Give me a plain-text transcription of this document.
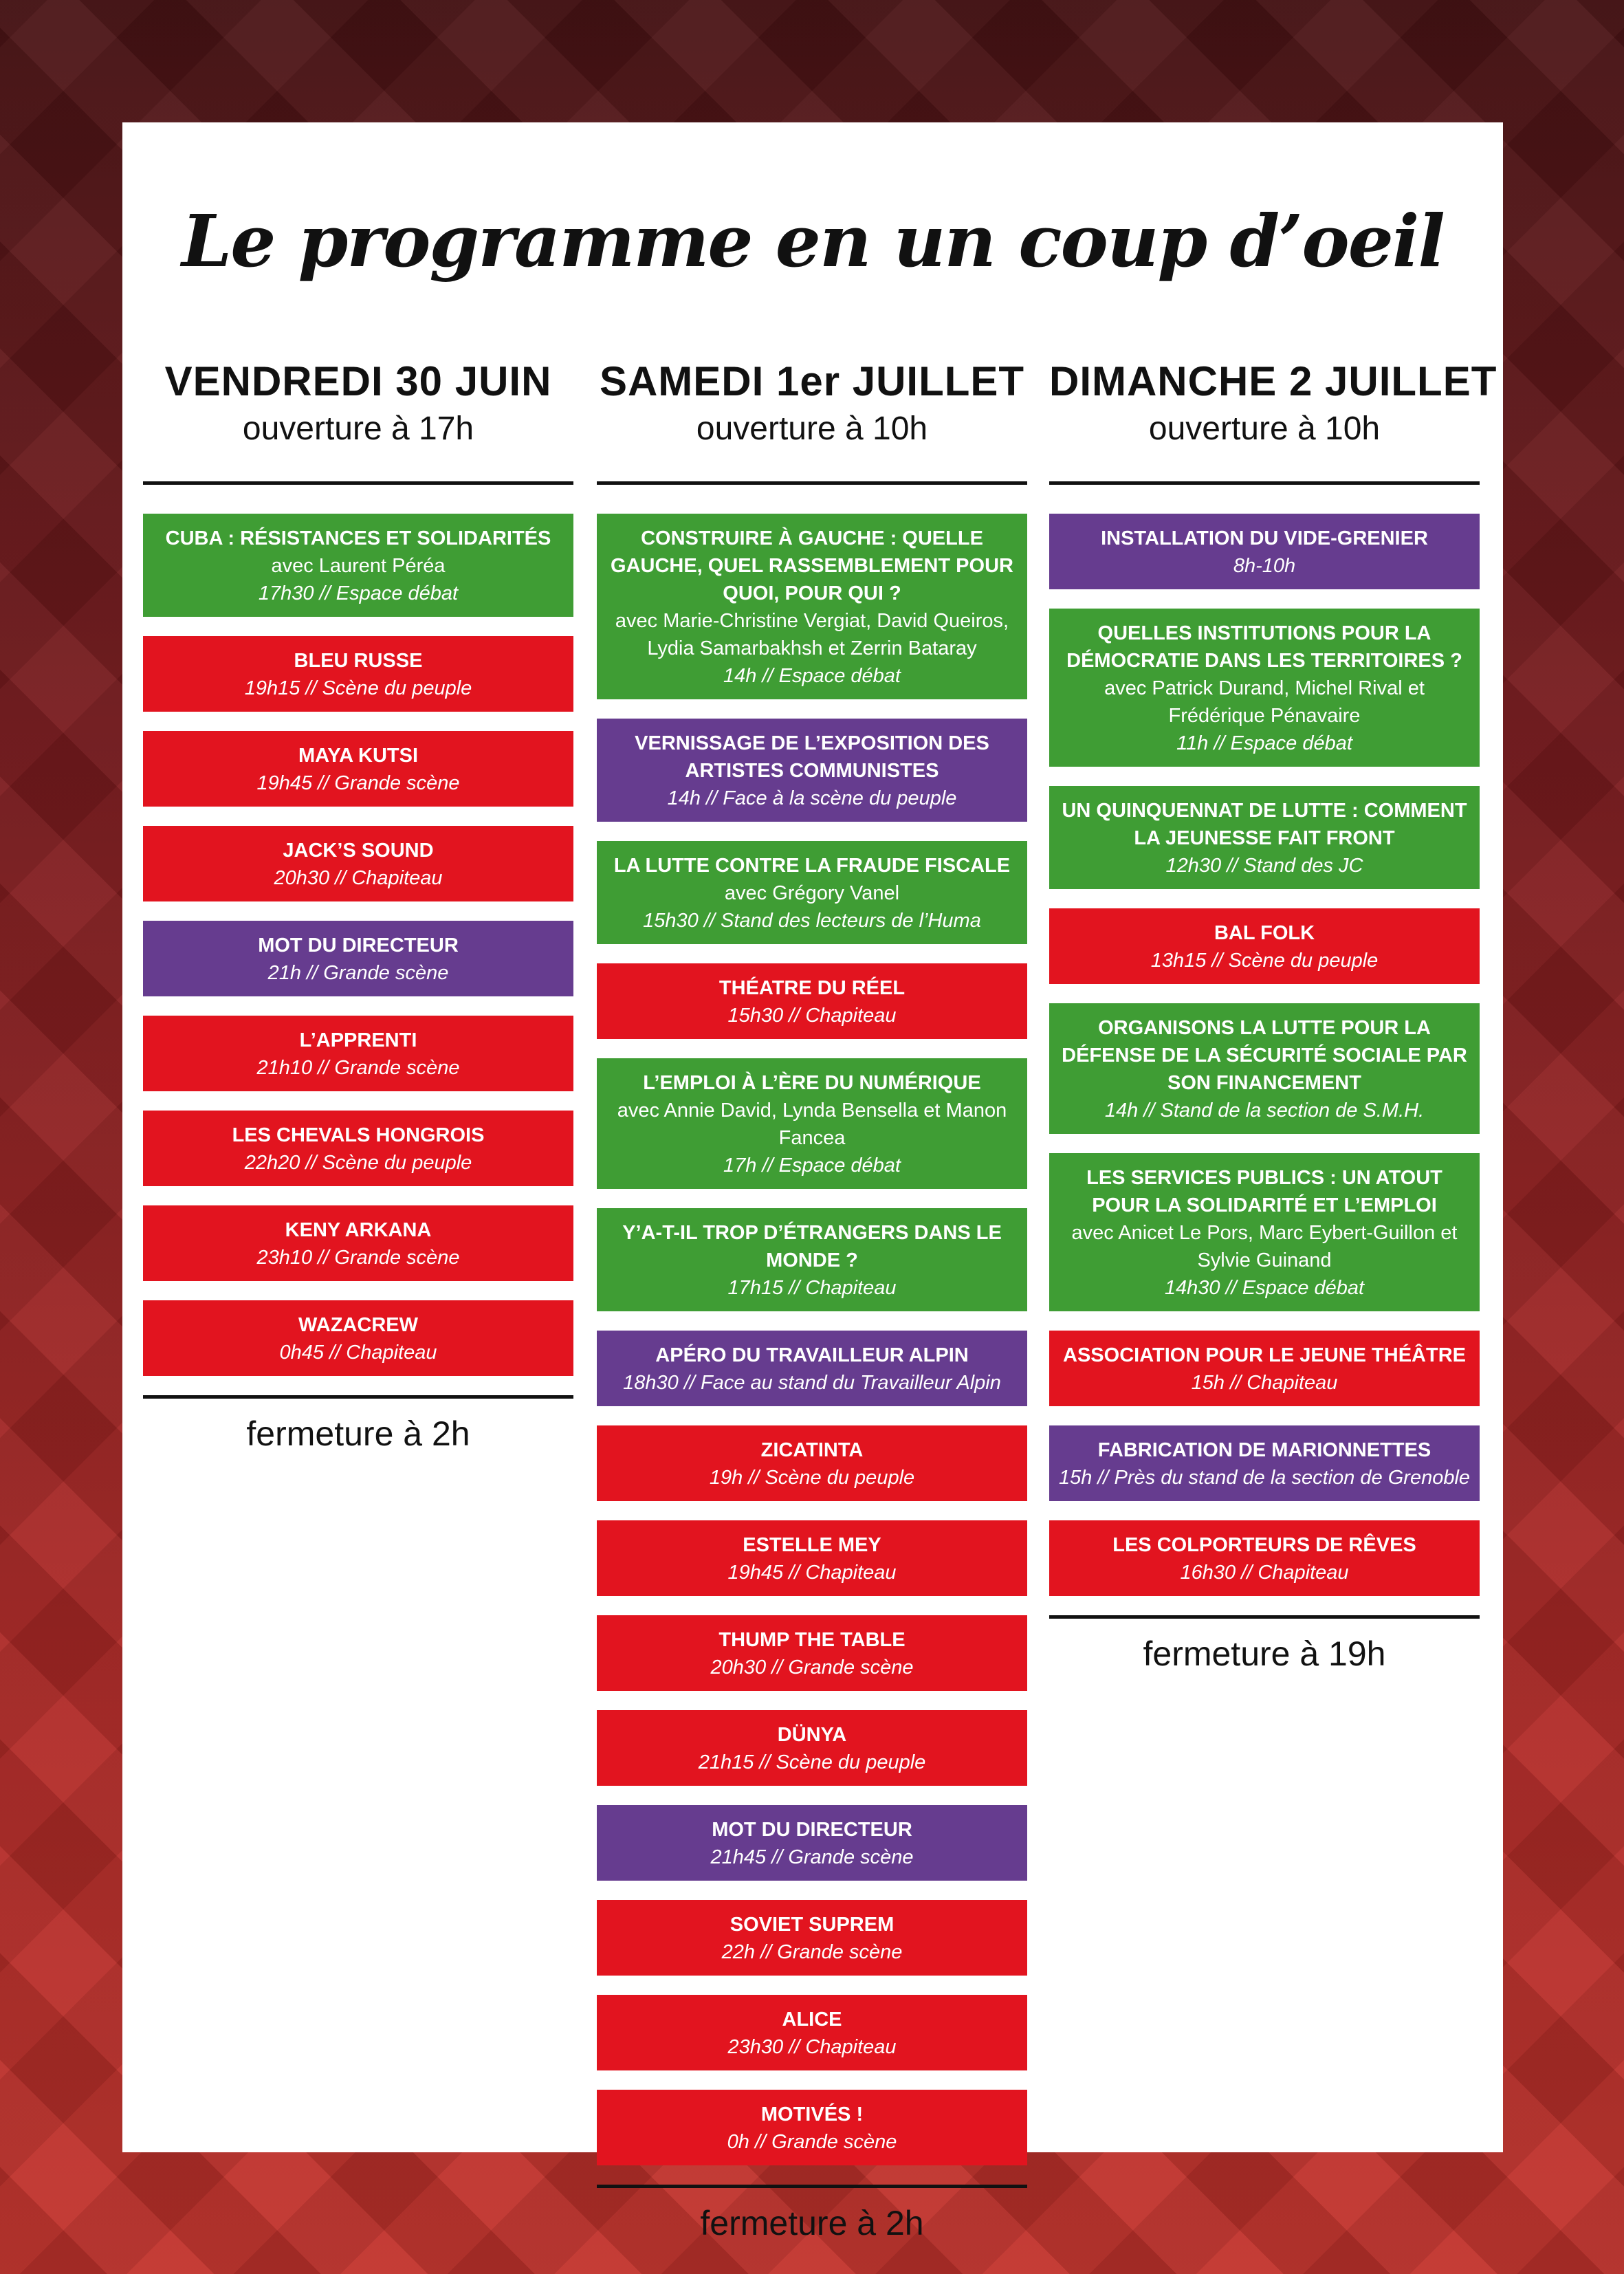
Le programme en un coup d’oeil
VENDREDI 30 JUIN
ouverture à 17h
CUBA : RÉSISTANCES ET SOLIDARITÉS
avec Laurent Péréa
17h30 // Espace débat
BLEU RUSSE
19h15 // Scène du peuple
MAYA KUTSI
19h45 // Grande scène
JACK’S SOUND
20h30 // Chapiteau
MOT DU DIRECTEUR
21h // Grande scène
L’APPRENTI
21h10 // Grande scène
LES CHEVALS HONGROIS
22h20 // Scène du peuple
KENY ARKANA
23h10 // Grande scène
WAZACREW
0h45 // Chapiteau
fermeture à 2h
SAMEDI 1er JUILLET
ouverture à 10h
CONSTRUIRE À GAUCHE : QUELLE GAUCHE, QUEL RASSEMBLEMENT POUR QUOI, POUR QUI ?
avec Marie-Christine Vergiat, David Queiros, Lydia Samarbakhsh et Zerrin Bataray
14h // Espace débat
VERNISSAGE DE L’EXPOSITION DES ARTISTES COMMUNISTES
14h // Face à la scène du peuple
LA LUTTE CONTRE LA FRAUDE FISCALE
avec Grégory Vanel
15h30 // Stand des lecteurs de l’Huma
THÉATRE DU RÉEL
15h30 // Chapiteau
L’EMPLOI À L’ÈRE DU NUMÉRIQUE
avec Annie David, Lynda Bensella et Manon Fancea
17h // Espace débat
Y’A-T-IL TROP D’ÉTRANGERS DANS LE MONDE ?
17h15 // Chapiteau
APÉRO DU TRAVAILLEUR ALPIN
18h30 // Face au stand du Travailleur Alpin
ZICATINTA
19h // Scène du peuple
ESTELLE MEY
19h45 // Chapiteau
THUMP THE TABLE
20h30 // Grande scène
DÜNYA
21h15 // Scène du peuple
MOT DU DIRECTEUR
21h45 // Grande scène
SOVIET SUPREM
22h // Grande scène
ALICE
23h30 // Chapiteau
MOTIVÉS !
0h // Grande scène
fermeture à 2h
DIMANCHE 2 JUILLET
ouverture à 10h
INSTALLATION DU VIDE-GRENIER
8h-10h
QUELLES INSTITUTIONS POUR LA DÉMOCRATIE DANS LES TERRITOIRES ?
avec Patrick Durand, Michel Rival et Frédérique Pénavaire
11h // Espace débat
UN QUINQUENNAT DE LUTTE : COMMENT LA JEUNESSE FAIT FRONT
12h30 // Stand des JC
BAL FOLK
13h15 // Scène du peuple
ORGANISONS LA LUTTE POUR LA DÉFENSE DE LA SÉCURITÉ SOCIALE PAR SON FINANCEMENT
14h // Stand de la section de S.M.H.
LES SERVICES PUBLICS : UN ATOUT POUR LA SOLIDARITÉ ET L’EMPLOI
avec Anicet Le Pors, Marc Eybert-Guillon et Sylvie Guinand
14h30 // Espace débat
ASSOCIATION POUR LE JEUNE THÉÂTRE
15h // Chapiteau
FABRICATION DE MARIONNETTES
15h // Près du stand de la section de Grenoble
LES COLPORTEURS DE RÊVES
16h30 // Chapiteau
fermeture à 19h
